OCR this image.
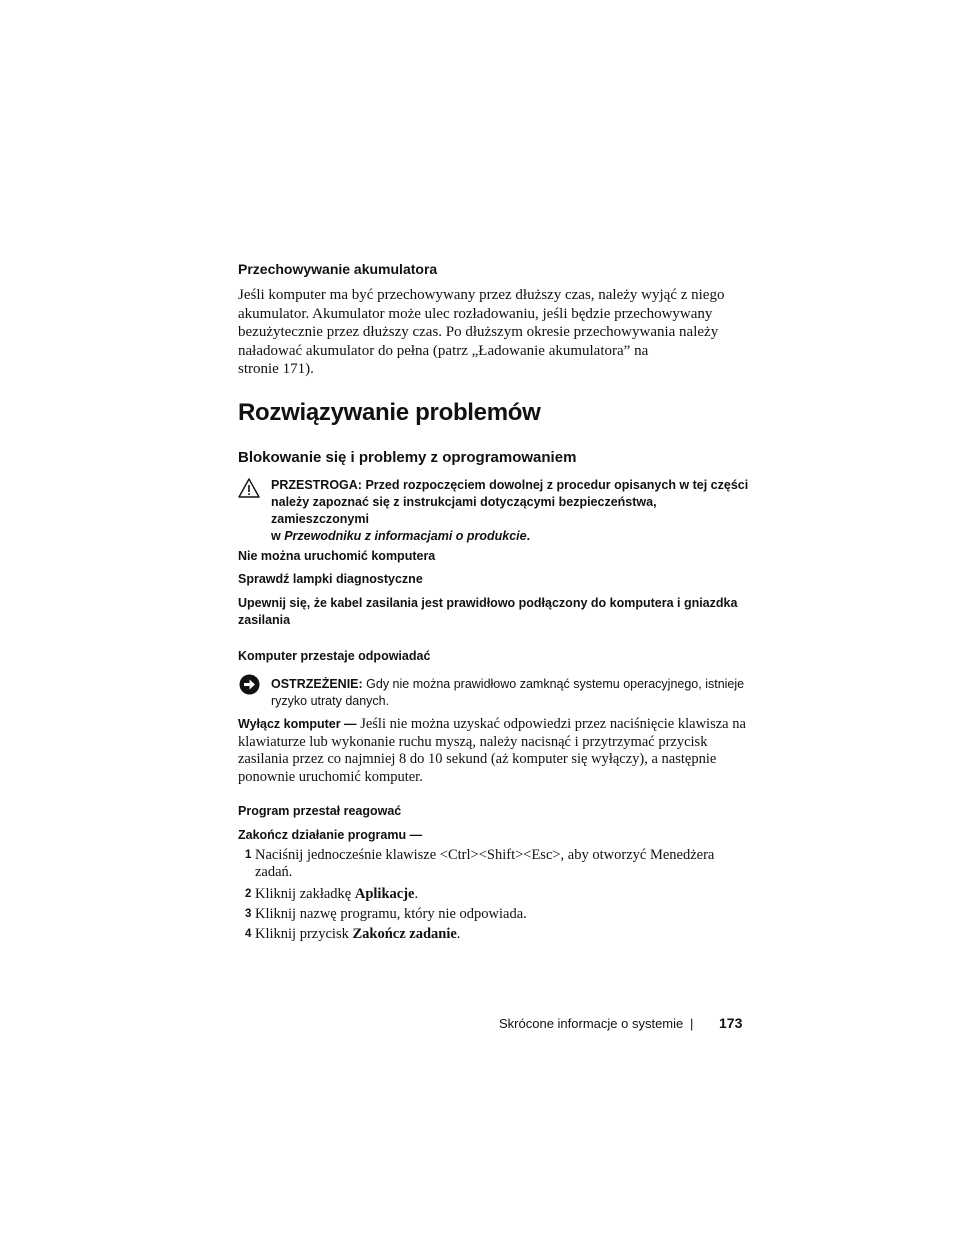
Przechowywanie akumulatora
Jeśli komputer ma być przechowywany przez dłuższy czas, należy wyjąć z niego
akumulator. Akumulator może ulec rozładowaniu, jeśli będzie przechowywany
bezużytecznie przez dłuższy czas. Po dłuższym okresie przechowywania należy
naładować akumulator do pełna (patrz „Ładowanie akumulatora” na
stronie 171).
Rozwiązywanie problemów
Blokowanie się i problemy z oprogramowaniem
PRZESTROGA: Przed rozpoczęciem dowolnej z procedur opisanych w tej części
należy zapoznać się z instrukcjami dotyczącymi bezpieczeństwa, zamieszczonymi
w Przewodniku z informacjami o produkcie.
Nie można uruchomić komputera
Sprawdź lampki diagnostyczne
Upewnij się, że kabel zasilania jest prawidłowo podłączony do komputera i gniazdka
zasilania
Komputer przestaje odpowiadać
OSTRZEŻENIE: Gdy nie można prawidłowo zamknąć systemu operacyjnego, istnieje
ryzyko utraty danych.
Wyłącz komputer — Jeśli nie można uzyskać odpowiedzi przez naciśnięcie klawisza na
klawiaturze lub wykonanie ruchu myszą, należy nacisnąć i przytrzymać przycisk
zasilania przez co najmniej 8 do 10 sekund (aż komputer się wyłączy), a następnie
ponownie uruchomić komputer.
Program przestał reagować
Zakończ działanie programu —
1 Naciśnij jednocześnie klawisze <Ctrl><Shift><Esc>, aby otworzyć Menedżera
zadań.
2 Kliknij zakładkę Aplikacje.
3 Kliknij nazwę programu, który nie odpowiada.
4 Kliknij przycisk Zakończ zadanie.
Skrócone informacje o systemie | 173
